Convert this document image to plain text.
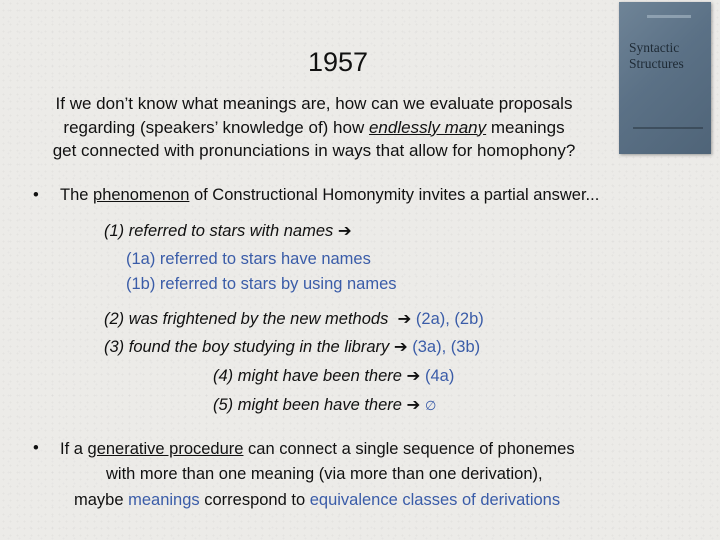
1957
If we don’t know what meanings are, how can we evaluate proposals
regarding (speakers’ knowledge of) how endlessly many meanings
get connected with pronunciations in ways that allow for homophony?
Syntactic
Structures
• The phenomenon of Constructional Homonymity invites a partial answer...
(1) referred to stars with names ➔
(1a) referred to stars have names
(1b) referred to stars by using names
(2) was frightened by the new methods ➔ (2a), (2b)
(3) found the boy studying in the library ➔ (3a), (3b)
(4) might have been there ➔ (4a)
(5) might been have there ➔ ∅
• If a generative procedure can connect a single sequence of phonemes
with more than one meaning (via more than one derivation),
maybe meanings correspond to equivalence classes of derivations
